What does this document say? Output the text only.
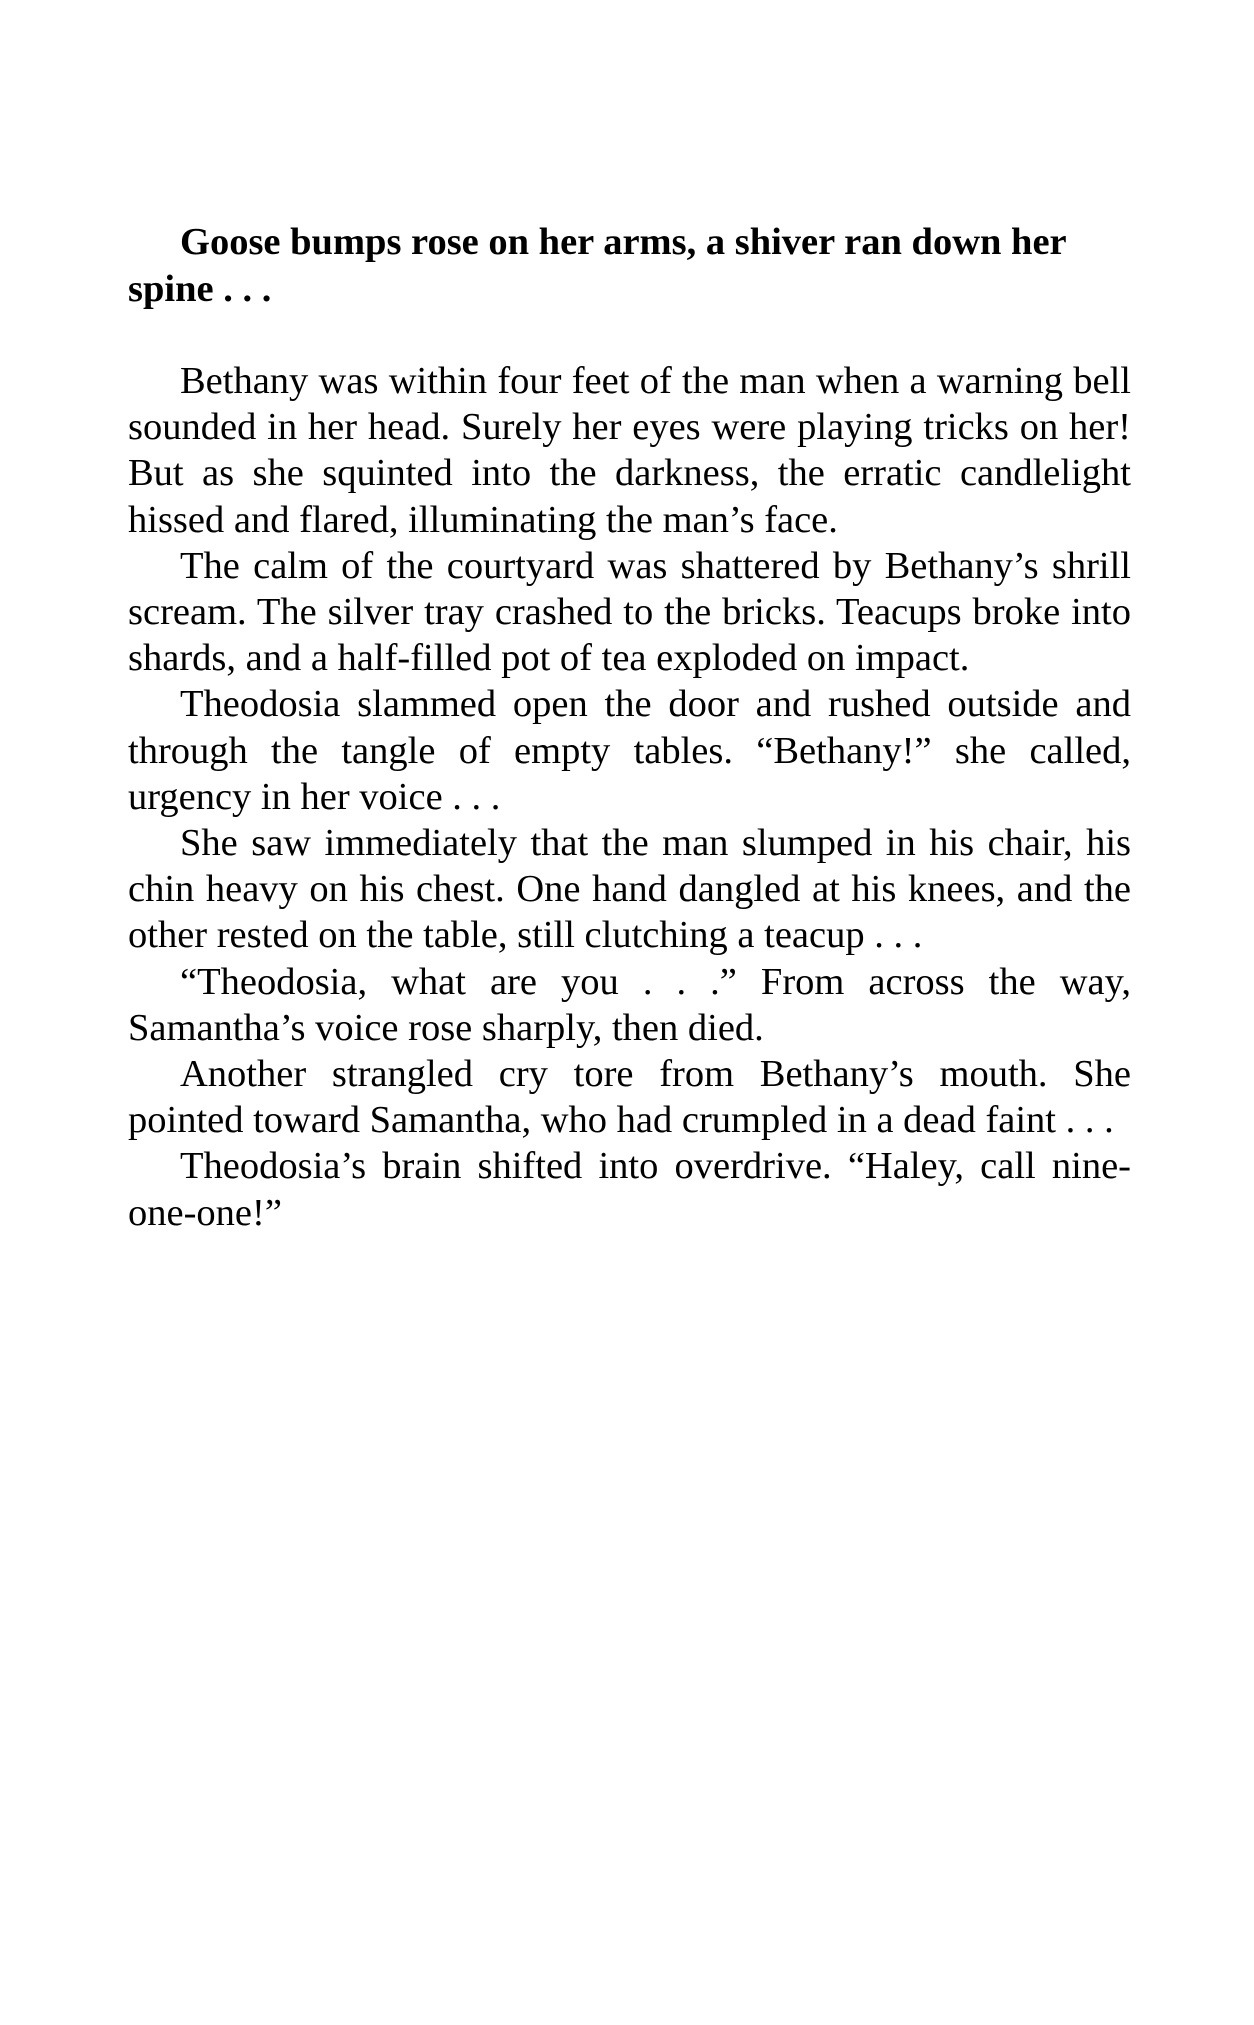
Goose bumps rose on her arms, a shiver ran down her spine . . .

Bethany was within four feet of the man when a warning bell sounded in her head. Surely her eyes were playing tricks on her! But as she squinted into the darkness, the erratic candlelight hissed and flared, illuminating the man’s face.

The calm of the courtyard was shattered by Bethany’s shrill scream. The silver tray crashed to the bricks. Teacups broke into shards, and a half-filled pot of tea exploded on impact.

Theodosia slammed open the door and rushed outside and through the tangle of empty tables. “Bethany!” she called, urgency in her voice . . .

She saw immediately that the man slumped in his chair, his chin heavy on his chest. One hand dangled at his knees, and the other rested on the table, still clutching a teacup . . .

“Theodosia, what are you . . .” From across the way, Samantha’s voice rose sharply, then died.

Another strangled cry tore from Bethany’s mouth. She pointed toward Samantha, who had crumpled in a dead faint . . .

Theodosia’s brain shifted into overdrive. “Haley, call nine-one-one!”
